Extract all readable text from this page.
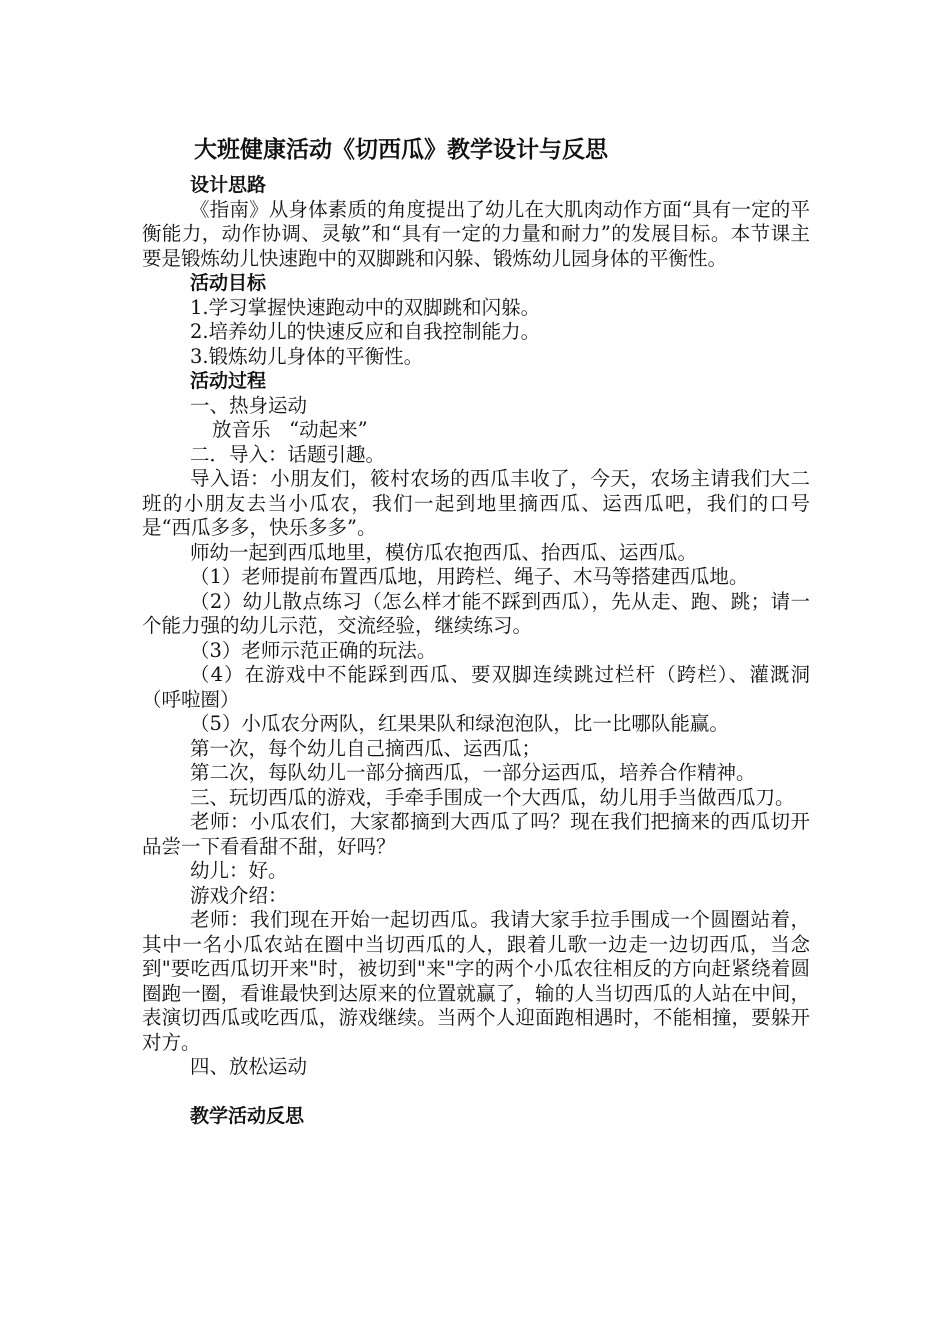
大班健康活动《切西瓜》教学设计与反思
设计思路

《指南》从身体素质的角度提出了幼儿在大肌肉动作方面“具有一定的平衡能力，动作协调、灵敏”和“具有一定的力量和耐力”的发展目标。本节课主要是锻炼幼儿快速跑中的双脚跳和闪躲、锻炼幼儿园身体的平衡性。

活动目标
1.学习掌握快速跑动中的双脚跳和闪躲。
2.培养幼儿的快速反应和自我控制能力。
3.锻炼幼儿身体的平衡性。
活动过程
一、热身运动
放音乐   “动起来”
二．导入：话题引趣。

导入语：小朋友们，筱村农场的西瓜丰收了，今天，农场主请我们大二班的小朋友去当小瓜农，我们一起到地里摘西瓜、运西瓜吧，我们的口号是“西瓜多多，快乐多多”。

师幼一起到西瓜地里，模仿瓜农抱西瓜、抬西瓜、运西瓜。
（1）老师提前布置西瓜地，用跨栏、绳子、木马等搭建西瓜地。

（2）幼儿散点练习（怎么样才能不踩到西瓜），先从走、跑、跳；请一个能力强的幼儿示范，交流经验，继续练习。

（3）老师示范正确的玩法。

（4）在游戏中不能踩到西瓜、要双脚连续跳过栏杆（跨栏）、灌溉洞（呼啦圈）

（5）小瓜农分两队，红果果队和绿泡泡队，比一比哪队能赢。
第一次，每个幼儿自己摘西瓜、运西瓜；
第二次，每队幼儿一部分摘西瓜，一部分运西瓜，培养合作精神。

三、玩切西瓜的游戏，手牵手围成一个大西瓜，幼儿用手当做西瓜刀。

老师：小瓜农们，大家都摘到大西瓜了吗？现在我们把摘来的西瓜切开品尝一下看看甜不甜，好吗？

幼儿：好。
游戏介绍：

老师：我们现在开始一起切西瓜。我请大家手拉手围成一个圆圈站着，其中一名小瓜农站在圈中当切西瓜的人，跟着儿歌一边走一边切西瓜，当念到"要吃西瓜切开来"时，被切到"来"字的两个小瓜农往相反的方向赶紧绕着圆圈跑一圈，看谁最快到达原来的位置就赢了，输的人当切西瓜的人站在中间，表演切西瓜或吃西瓜，游戏继续。当两个人迎面跑相遇时，不能相撞，要躲开对方。

四、放松运动
教学活动反思
